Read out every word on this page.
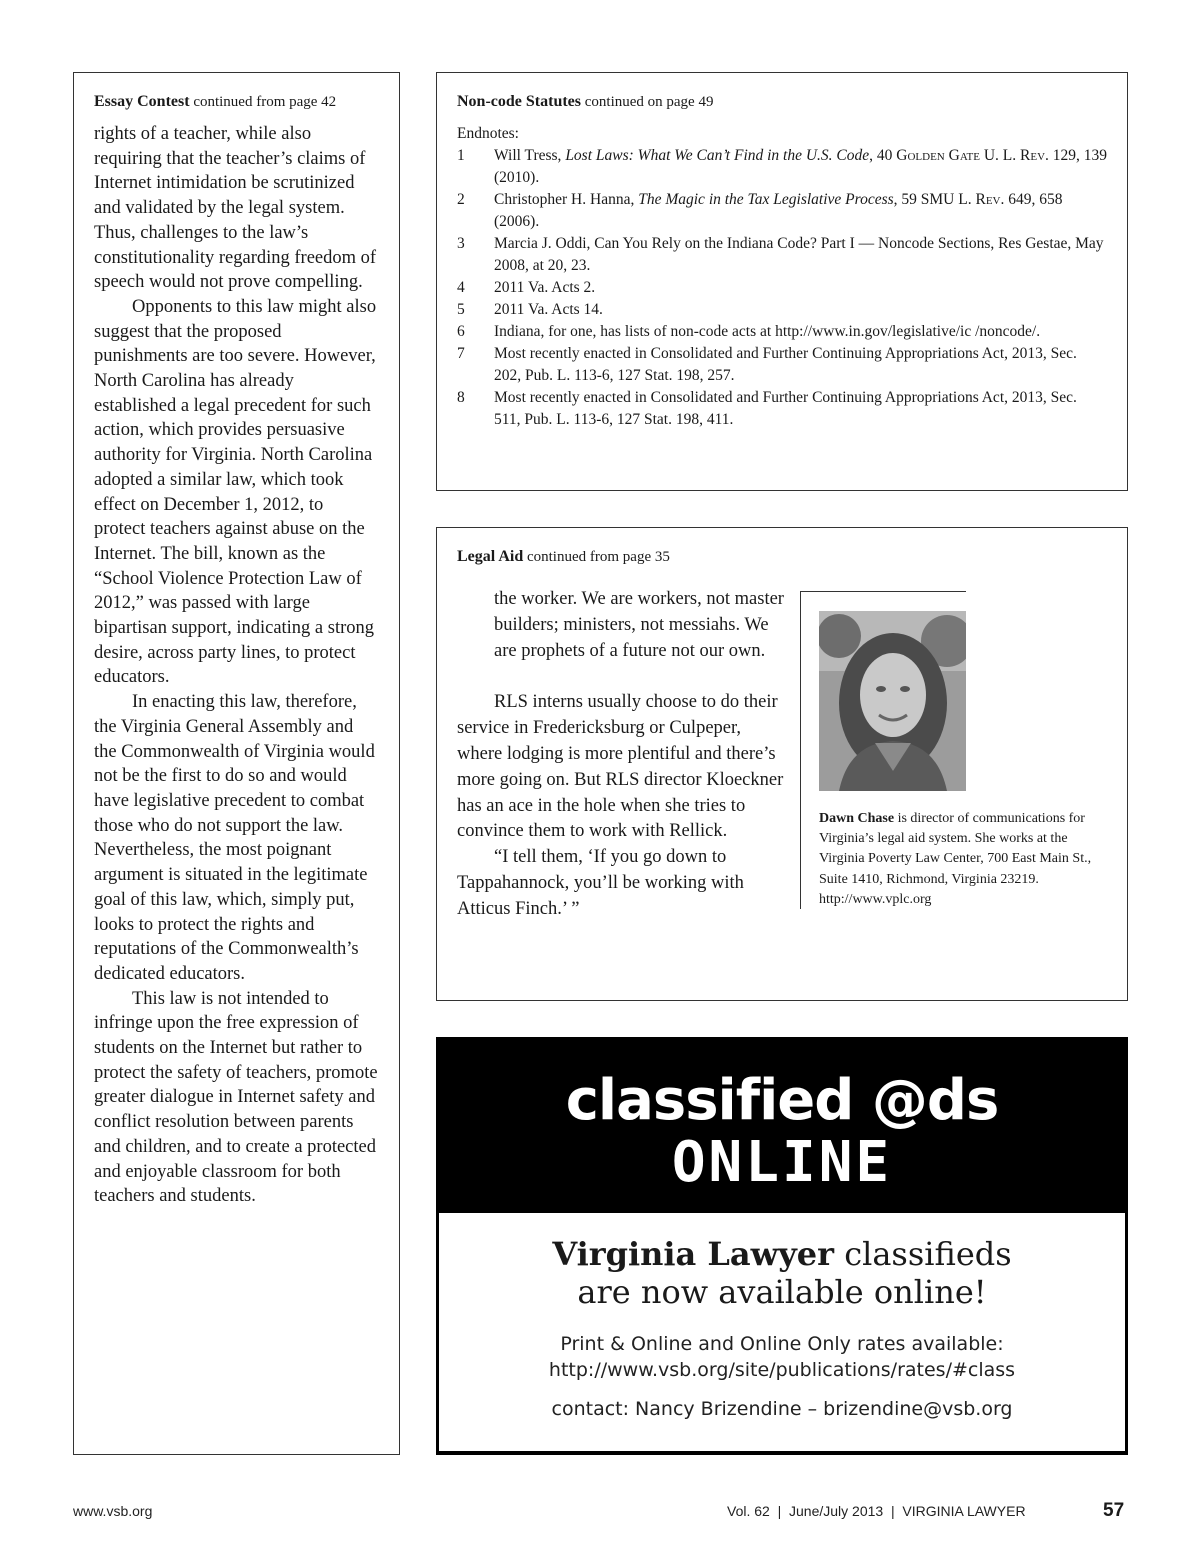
Essay Contest continued from page 42

rights of a teacher, while also requiring that the teacher’s claims of Internet intimidation be scrutinized and validated by the legal system. Thus, challenges to the law’s constitutionality regarding freedom of speech would not prove compelling.

Opponents to this law might also suggest that the proposed punishments are too severe. However, North Carolina has already established a legal precedent for such action, which provides persuasive authority for Virginia. North Carolina adopted a similar law, which took effect on December 1, 2012, to protect teachers against abuse on the Internet. The bill, known as the “School Violence Protection Law of 2012,” was passed with large bipartisan support, indicating a strong desire, across party lines, to protect educators.

In enacting this law, therefore, the Virginia General Assembly and the Commonwealth of Virginia would not be the first to do so and would have legislative precedent to combat those who do not support the law. Nevertheless, the most poignant argument is situated in the legitimate goal of this law, which, simply put, looks to protect the rights and reputations of the Commonwealth’s dedicated educators.

This law is not intended to infringe upon the free expression of students on the Internet but rather to protect the safety of teachers, promote greater dialogue in Internet safety and conflict resolution between parents and children, and to create a protected and enjoyable classroom for both teachers and students.

Non-code Statutes continued on page 49
Endnotes:
1	Will Tress, Lost Laws: What We Can’t Find in the U.S. Code, 40 Golden Gate U. L. Rev. 129, 139 (2010).
2	Christopher H. Hanna, The Magic in the Tax Legislative Process, 59 SMU L. Rev. 649, 658 (2006).
3	Marcia J. Oddi, Can You Rely on the Indiana Code? Part I — Noncode Sections, Res Gestae, May 2008, at 20, 23.
4	2011 Va. Acts 2.
5	2011 Va. Acts 14.
6	Indiana, for one, has lists of non-code acts at http://www.in.gov/legislative/ic /noncode/.
7	Most recently enacted in Consolidated and Further Continuing Appropriations Act, 2013, Sec. 202, Pub. L. 113-6, 127 Stat. 198, 257.
8	Most recently enacted in Consolidated and Further Continuing Appropriations Act, 2013, Sec. 511, Pub. L. 113-6, 127 Stat. 198, 411.
Legal Aid continued from page 35

the worker. We are workers, not master builders; ministers, not messiahs. We are prophets of a future not our own.

RLS interns usually choose to do their service in Fredericksburg or Culpeper, where lodging is more plentiful and there’s more going on. But RLS director Kloeckner has an ace in the hole when she tries to convince them to work with Rellick.

“I tell them, ‘If you go down to Tappahannock, you’ll be working with Atticus Finch.’ ”

Dawn Chase is director of communications for Virginia’s legal aid system. She works at the Virginia Poverty Law Center, 700 East Main St., Suite 1410, Richmond, Virginia 23219. http://www.vplc.org
classified @ds
ONLINE
Virginia Lawyer classifieds
are now available online!
Print & Online and Online Only rates available:
http://www.vsb.org/site/publications/rates/#class
contact: Nancy Brizendine – brizendine@vsb.org
www.vsb.org	Vol. 62  |  June/July 2013  |  VIRGINIA LAWYER	57
